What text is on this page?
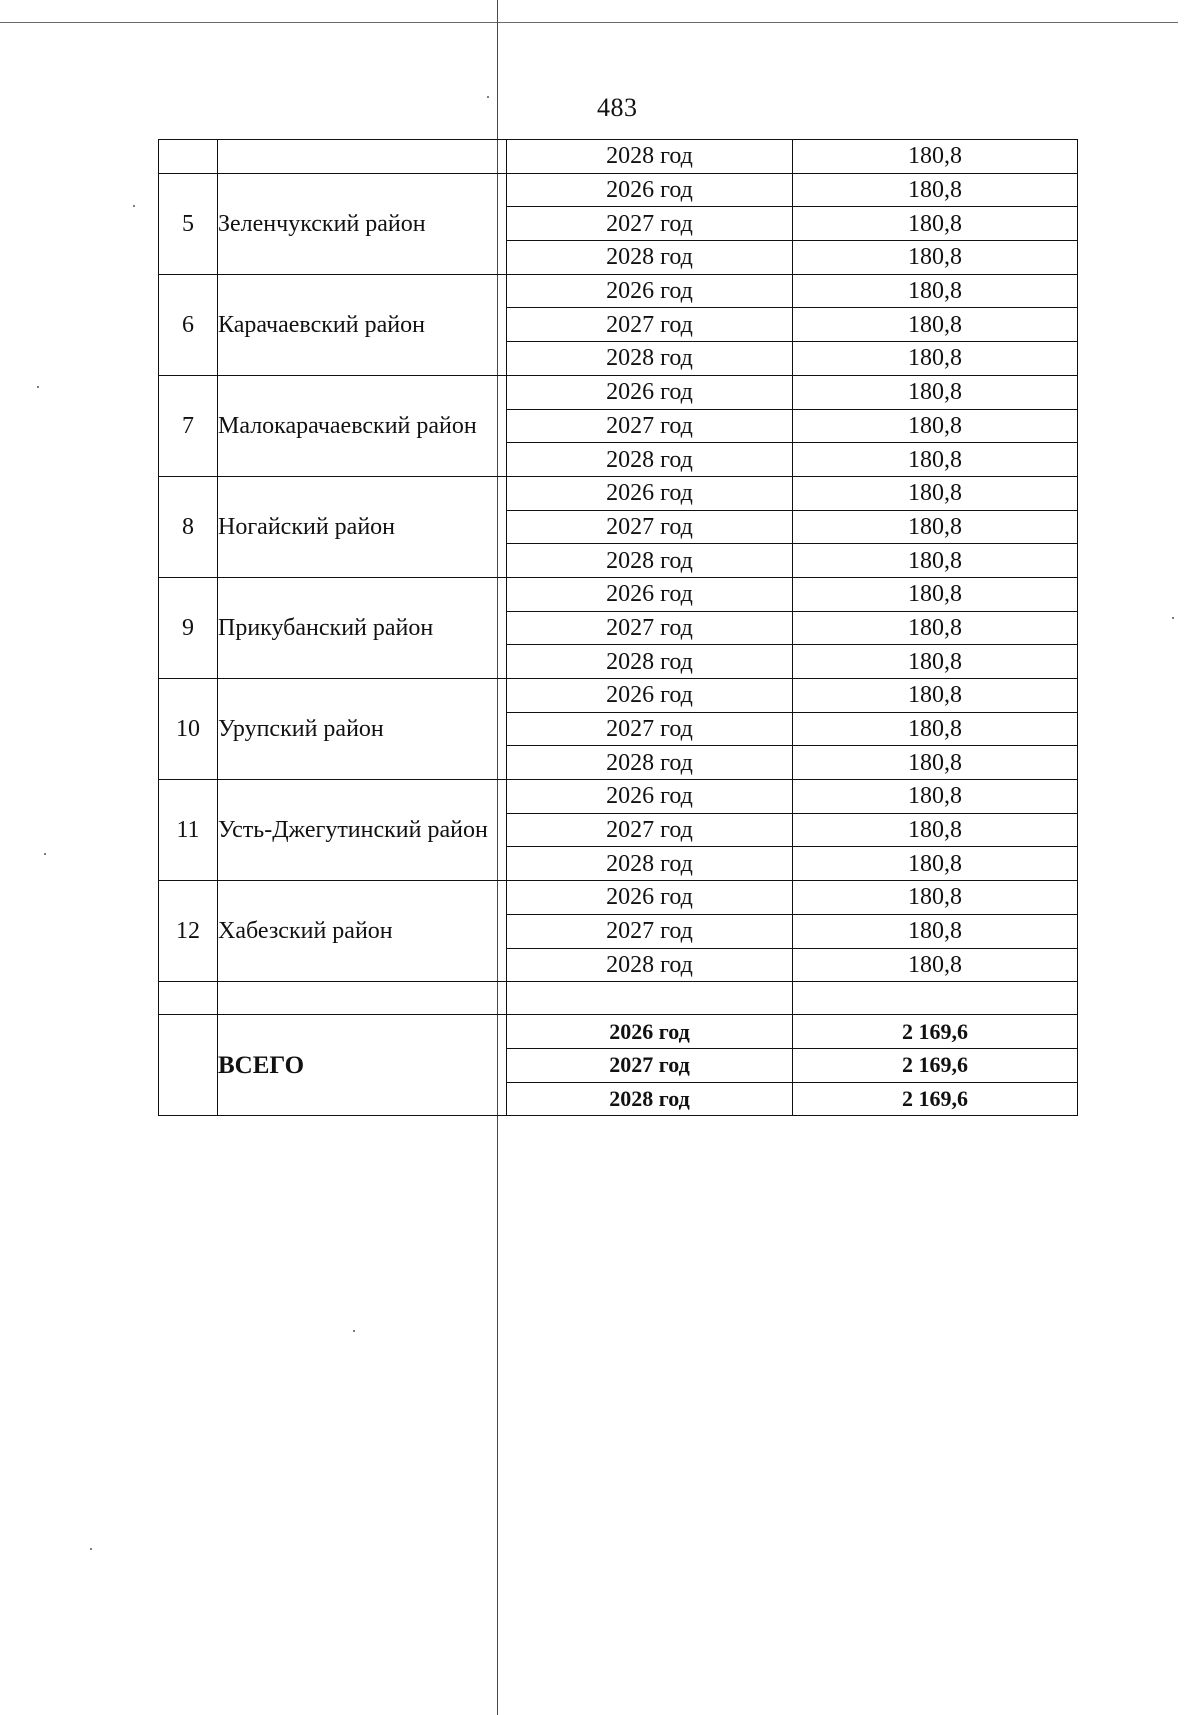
483
		2028 год	180,8
5	Зеленчукский район	2026 год	180,8
		2027 год	180,8
		2028 год	180,8
6	Карачаевский район	2026 год	180,8
		2027 год	180,8
		2028 год	180,8
7	Малокарачаевский район	2026 год	180,8
		2027 год	180,8
		2028 год	180,8
8	Ногайский район	2026 год	180,8
		2027 год	180,8
		2028 год	180,8
9	Прикубанский район	2026 год	180,8
		2027 год	180,8
		2028 год	180,8
10	Урупский район	2026 год	180,8
		2027 год	180,8
		2028 год	180,8
11	Усть-Джегутинский район	2026 год	180,8
		2027 год	180,8
		2028 год	180,8
12	Хабезский район	2026 год	180,8
		2027 год	180,8
		2028 год	180,8

	ВСЕГО	2026 год	2 169,6
		2027 год	2 169,6
		2028 год	2 169,6
